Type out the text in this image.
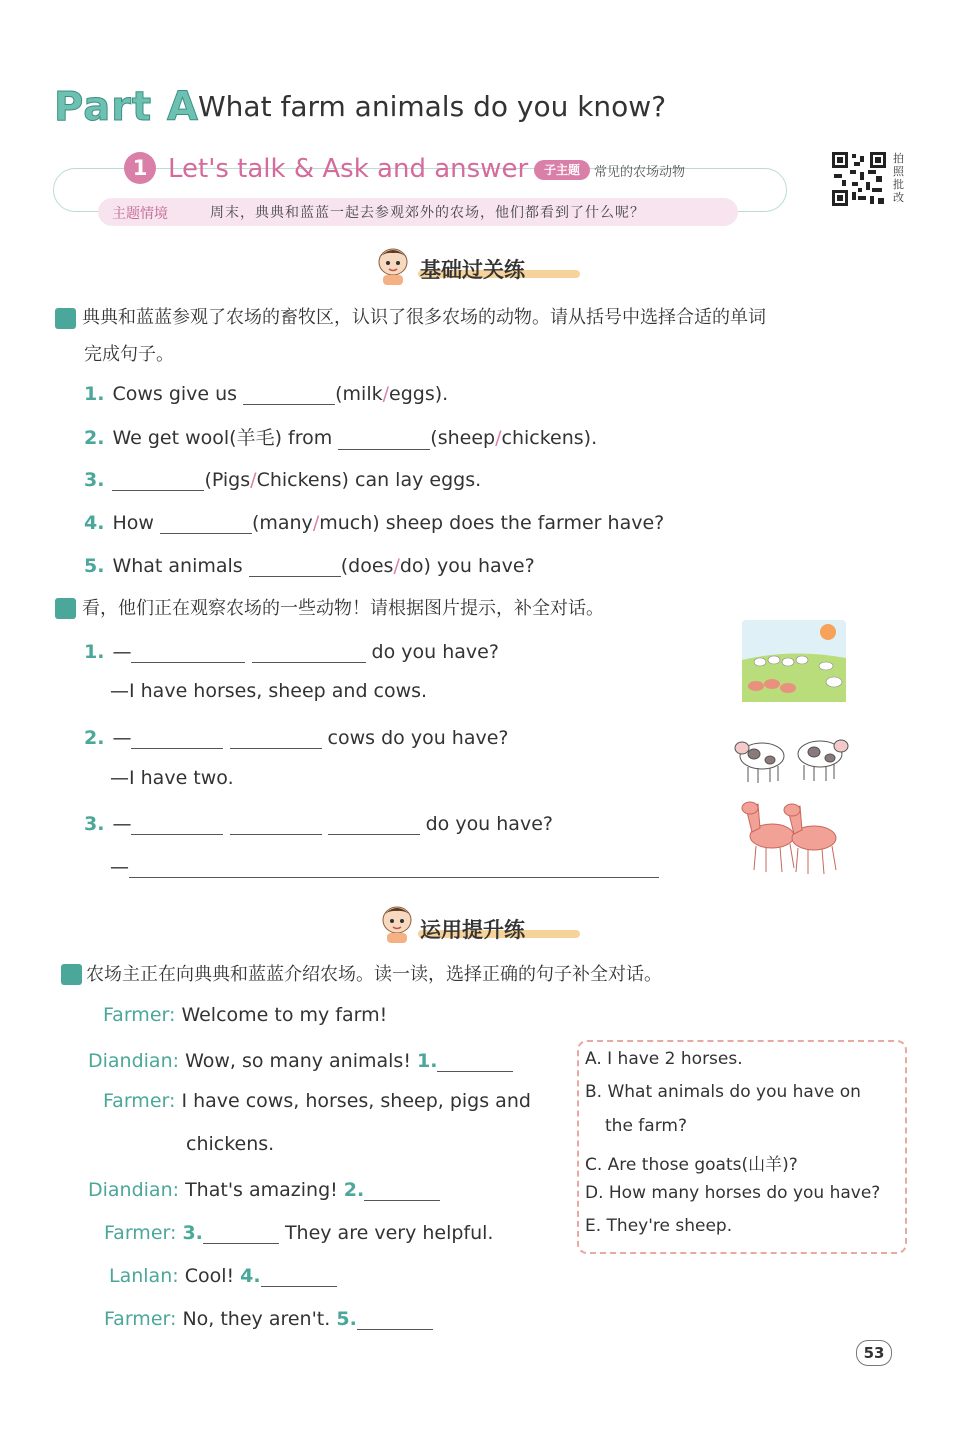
Part A What farm animals do you know?
1 Let's talk & Ask and answer	子主题	常见的农场动物
主题情境	周末，典典和蓝蓝一起去参观郊外的农场，他们都看到了什么呢？
拍照批改
基础过关练
典典和蓝蓝参观了农场的畜牧区，认识了很多农场的动物。请从括号中选择合适的单词
完成句子。
1. Cows give us	(milk/eggs).
2. We get wool(羊毛) from	(sheep/chickens).
3.	(Pigs/Chickens) can lay eggs.
4. How	(many/much) sheep does the farmer have?
5. What animals	(does/do) you have?
看，他们正在观察农场的一些动物！请根据图片提示，补全对话。
1. —	do you have?
—I have horses, sheep and cows.
2. —	cows do you have?
—I have two.
3. —	do you have?
—
运用提升练
农场主正在向典典和蓝蓝介绍农场。读一读，选择正确的句子补全对话。
Farmer: Welcome to my farm!
Diandian: Wow, so many animals! 1.
Farmer: I have cows, horses, sheep, pigs and
chickens.
Diandian: That's amazing! 2.
Farmer: 3.	They are very helpful.
Lanlan: Cool! 4.
Farmer: No, they aren't. 5.
A. I have 2 horses.
B. What animals do you have on
the farm?
C. Are those goats(山羊)?
D. How many horses do you have?
E. They're sheep.
53
